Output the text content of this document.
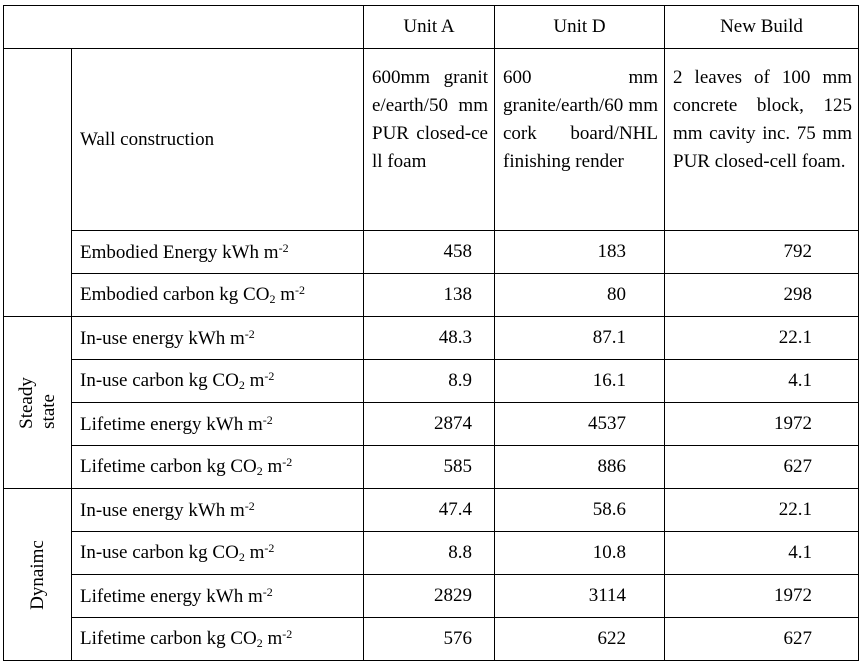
		Unit A	Unit D	New Build
	Wall construction	600mm granite/earth/50 mm PUR closed-cell foam	600 mm granite/earth/60 mm cork board/NHL finishing render	2 leaves of 100 mm concrete block, 125 mm cavity inc. 75 mm PUR closed-cell foam.
	Embodied Energy kWh $m^{-2}$	458	183	792
	Embodied carbon kg $CO_2$ $m^{-2}$	138	80	298

Steady state	In-use energy kWh $m^{-2}$	48.3	87.1	22.1
	In-use carbon kg $CO_2$ $m^{-2}$	8.9	16.1	4.1
	Lifetime energy kWh $m^{-2}$	2874	4537	1972
	Lifetime carbon kg $CO_2$ $m^{-2}$	585	886	627

Dynaimc	In-use energy kWh $m^{-2}$	47.4	58.6	22.1
	In-use carbon kg $CO_2$ $m^{-2}$	8.8	10.8	4.1
	Lifetime energy kWh $m^{-2}$	2829	3114	1972
	Lifetime carbon kg $CO_2$ $m^{-2}$	576	622	627
